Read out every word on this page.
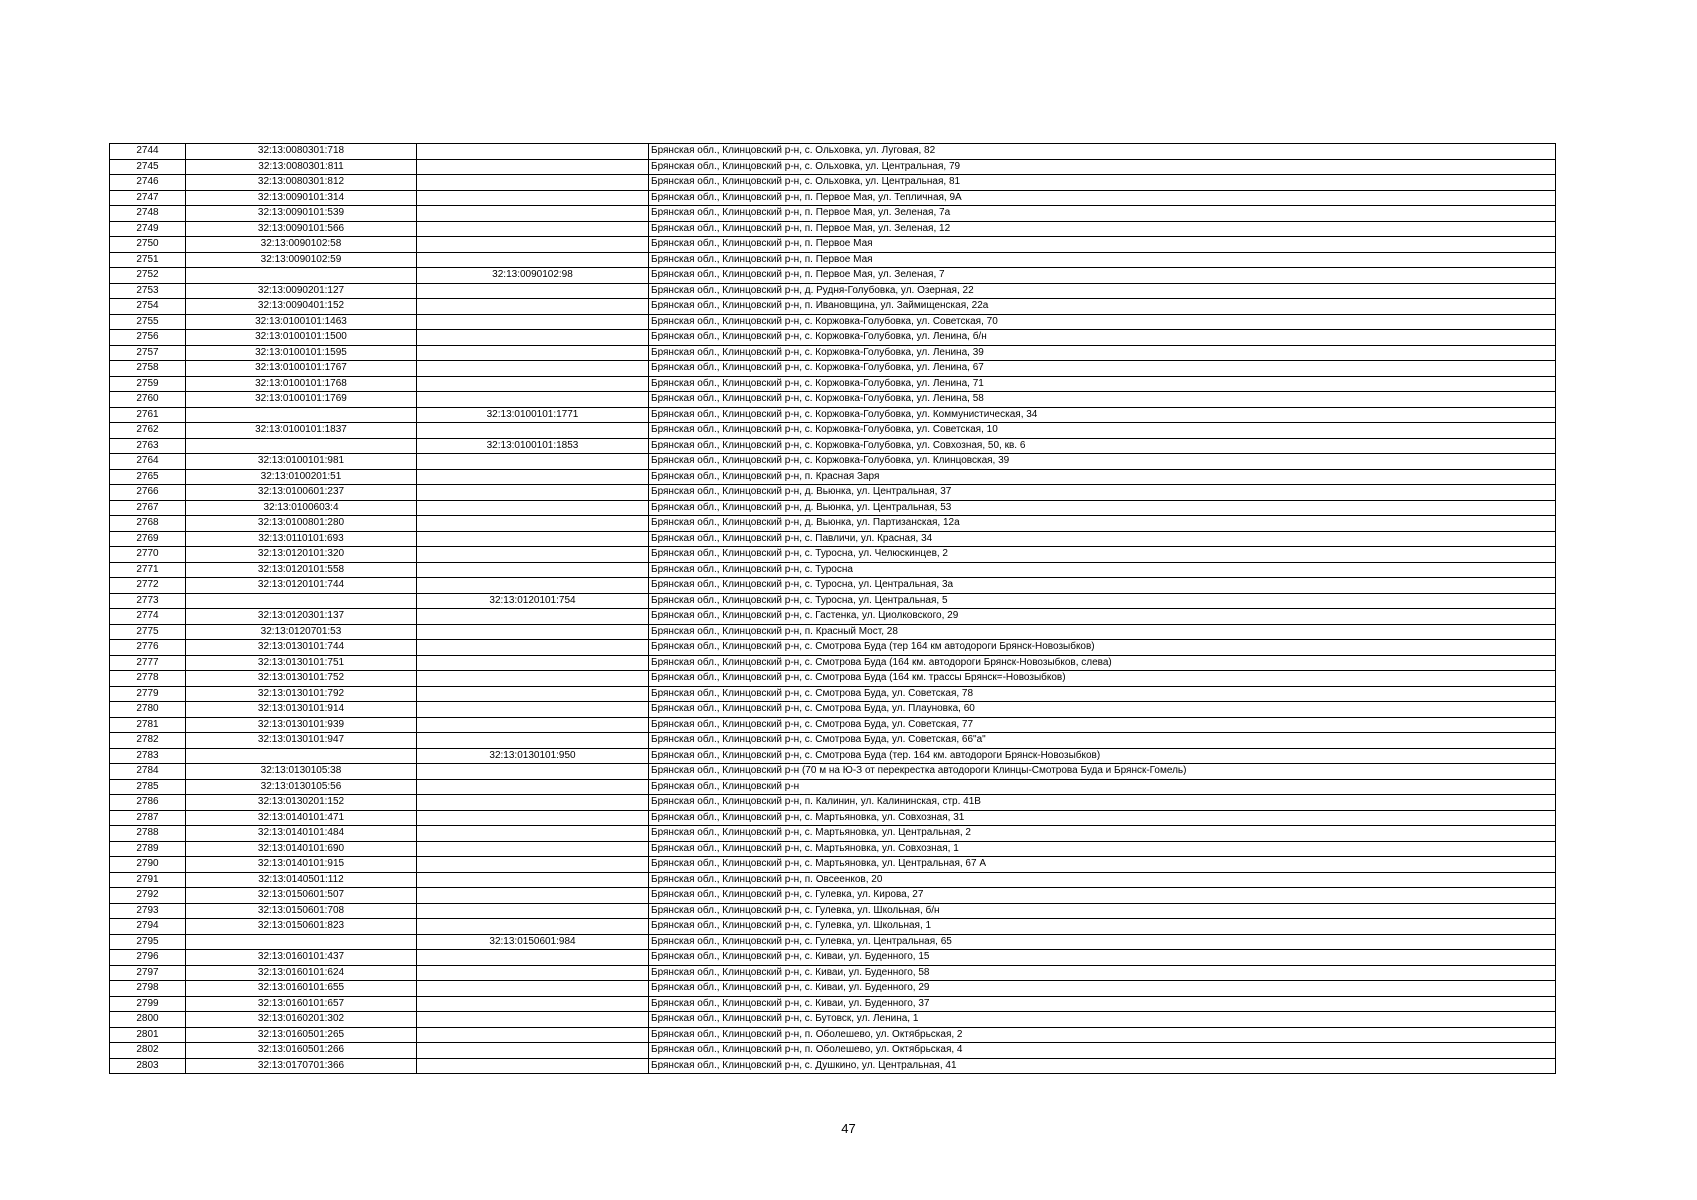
2744	32:13:0080301:718		Брянская обл., Клинцовский р-н, с. Ольховка, ул. Луговая, 82
2745	32:13:0080301:811		Брянская обл., Клинцовский р-н, с. Ольховка, ул. Центральная, 79
2746	32:13:0080301:812		Брянская обл., Клинцовский р-н, с. Ольховка, ул. Центральная, 81
2747	32:13:0090101:314		Брянская обл., Клинцовский р-н, п. Первое Мая, ул. Тепличная, 9А
2748	32:13:0090101:539		Брянская обл., Клинцовский р-н, п. Первое Мая, ул. Зеленая, 7а
2749	32:13:0090101:566		Брянская обл., Клинцовский р-н, п. Первое Мая, ул. Зеленая, 12
2750	32:13:0090102:58		Брянская обл., Клинцовский р-н, п. Первое Мая
2751	32:13:0090102:59		Брянская обл., Клинцовский р-н, п. Первое Мая
2752		32:13:0090102:98	Брянская обл., Клинцовский р-н, п. Первое Мая, ул. Зеленая, 7
2753	32:13:0090201:127		Брянская обл., Клинцовский р-н, д. Рудня-Голубовка, ул. Озерная, 22
2754	32:13:0090401:152		Брянская обл., Клинцовский р-н, п. Ивановщина, ул. Займищенская, 22а
2755	32:13:0100101:1463		Брянская обл., Клинцовский р-н, с. Коржовка-Голубовка, ул. Советская, 70
2756	32:13:0100101:1500		Брянская обл., Клинцовский р-н, с. Коржовка-Голубовка, ул. Ленина, б/н
2757	32:13:0100101:1595		Брянская обл., Клинцовский р-н, с. Коржовка-Голубовка, ул. Ленина, 39
2758	32:13:0100101:1767		Брянская обл., Клинцовский р-н, с. Коржовка-Голубовка, ул. Ленина, 67
2759	32:13:0100101:1768		Брянская обл., Клинцовский р-н, с. Коржовка-Голубовка, ул. Ленина, 71
2760	32:13:0100101:1769		Брянская обл., Клинцовский р-н, с. Коржовка-Голубовка, ул. Ленина, 58
2761		32:13:0100101:1771	Брянская обл., Клинцовский р-н, с. Коржовка-Голубовка, ул. Коммунистическая, 34
2762	32:13:0100101:1837		Брянская обл., Клинцовский р-н, с. Коржовка-Голубовка, ул. Советская, 10
2763		32:13:0100101:1853	Брянская обл., Клинцовский р-н, с. Коржовка-Голубовка, ул. Совхозная, 50, кв. 6
2764	32:13:0100101:981		Брянская обл., Клинцовский р-н, с. Коржовка-Голубовка, ул. Клинцовская, 39
2765	32:13:0100201:51		Брянская обл., Клинцовский р-н, п. Красная Заря
2766	32:13:0100601:237		Брянская обл., Клинцовский р-н, д. Вьюнка, ул. Центральная, 37
2767	32:13:0100603:4		Брянская обл., Клинцовский р-н, д. Вьюнка, ул. Центральная, 53
2768	32:13:0100801:280		Брянская обл., Клинцовский р-н, д. Вьюнка, ул. Партизанская, 12а
2769	32:13:0110101:693		Брянская обл., Клинцовский р-н, с. Павличи, ул. Красная, 34
2770	32:13:0120101:320		Брянская обл., Клинцовский р-н, с. Туросна, ул. Челюскинцев, 2
2771	32:13:0120101:558		Брянская обл., Клинцовский р-н, с. Туросна
2772	32:13:0120101:744		Брянская обл., Клинцовский р-н, с. Туросна, ул. Центральная, 3а
2773		32:13:0120101:754	Брянская обл., Клинцовский р-н, с. Туросна, ул. Центральная, 5
2774	32:13:0120301:137		Брянская обл., Клинцовский р-н, с. Гастенка, ул. Циолковского, 29
2775	32:13:0120701:53		Брянская обл., Клинцовский р-н, п. Красный Мост, 28
2776	32:13:0130101:744		Брянская обл., Клинцовский р-н, с. Смотрова Буда (тер 164 км автодороги Брянск-Новозыбков)
2777	32:13:0130101:751		Брянская обл., Клинцовский р-н, с. Смотрова Буда (164 км. автодороги Брянск-Новозыбков, слева)
2778	32:13:0130101:752		Брянская обл., Клинцовский р-н, с. Смотрова Буда (164 км. трассы Брянск=-Новозыбков)
2779	32:13:0130101:792		Брянская обл., Клинцовский р-н, с. Смотрова Буда, ул. Советская, 78
2780	32:13:0130101:914		Брянская обл., Клинцовский р-н, с. Смотрова Буда, ул. Плауновка, 60
2781	32:13:0130101:939		Брянская обл., Клинцовский р-н, с. Смотрова Буда, ул. Советская, 77
2782	32:13:0130101:947		Брянская обл., Клинцовский р-н, с. Смотрова Буда, ул. Советская, 66"а"
2783		32:13:0130101:950	Брянская обл., Клинцовский р-н, с. Смотрова Буда (тер. 164 км. автодороги Брянск-Новозыбков)
2784	32:13:0130105:38		Брянская обл., Клинцовский р-н (70 м на Ю-З от перекрестка автодороги Клинцы-Смотрова Буда и Брянск-Гомель)
2785	32:13:0130105:56		Брянская обл., Клинцовский р-н
2786	32:13:0130201:152		Брянская обл., Клинцовский р-н, п. Калинин, ул. Калининская, стр. 41В
2787	32:13:0140101:471		Брянская обл., Клинцовский р-н, с. Мартьяновка, ул. Совхозная, 31
2788	32:13:0140101:484		Брянская обл., Клинцовский р-н, с. Мартьяновка, ул. Центральная, 2
2789	32:13:0140101:690		Брянская обл., Клинцовский р-н, с. Мартьяновка, ул. Совхозная, 1
2790	32:13:0140101:915		Брянская обл., Клинцовский р-н, с. Мартьяновка, ул. Центральная, 67 А
2791	32:13:0140501:112		Брянская обл., Клинцовский р-н, п. Овсеенков, 20
2792	32:13:0150601:507		Брянская обл., Клинцовский р-н, с. Гулевка, ул. Кирова, 27
2793	32:13:0150601:708		Брянская обл., Клинцовский р-н, с. Гулевка, ул. Школьная, б/н
2794	32:13:0150601:823		Брянская обл., Клинцовский р-н, с. Гулевка, ул. Школьная, 1
2795		32:13:0150601:984	Брянская обл., Клинцовский р-н, с. Гулевка, ул. Центральная, 65
2796	32:13:0160101:437		Брянская обл., Клинцовский р-н, с. Киваи, ул. Буденного, 15
2797	32:13:0160101:624		Брянская обл., Клинцовский р-н, с. Киваи, ул. Буденного, 58
2798	32:13:0160101:655		Брянская обл., Клинцовский р-н, с. Киваи, ул. Буденного, 29
2799	32:13:0160101:657		Брянская обл., Клинцовский р-н, с. Киваи, ул. Буденного, 37
2800	32:13:0160201:302		Брянская обл., Клинцовский р-н, с. Бутовск, ул. Ленина, 1
2801	32:13:0160501:265		Брянская обл., Клинцовский р-н, п. Оболешево, ул. Октябрьская, 2
2802	32:13:0160501:266		Брянская обл., Клинцовский р-н, п. Оболешево, ул. Октябрьская, 4
2803	32:13:0170701:366		Брянская обл., Клинцовский р-н, с. Душкино, ул. Центральная, 41
47
